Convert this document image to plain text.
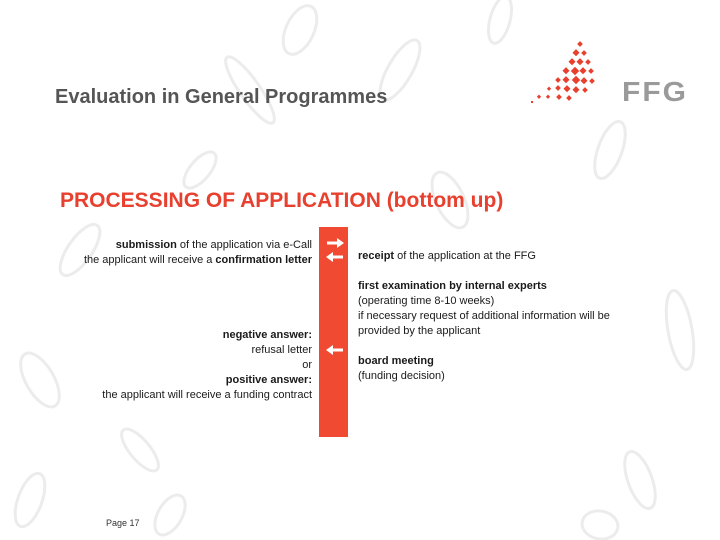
Evaluation in General Programmes	FFG
PROCESSING OF APPLICATION (bottom up)
submission of the application via e-Call
the applicant will receive a confirmation letter
negative answer:
refusal letter
or
positive answer:
the applicant will receive a funding contract
receipt of the application at the FFG
first examination by internal experts
(operating time 8-10 weeks)
if necessary request of additional information will be
provided by the applicant
board meeting
(funding decision)
Page 17
